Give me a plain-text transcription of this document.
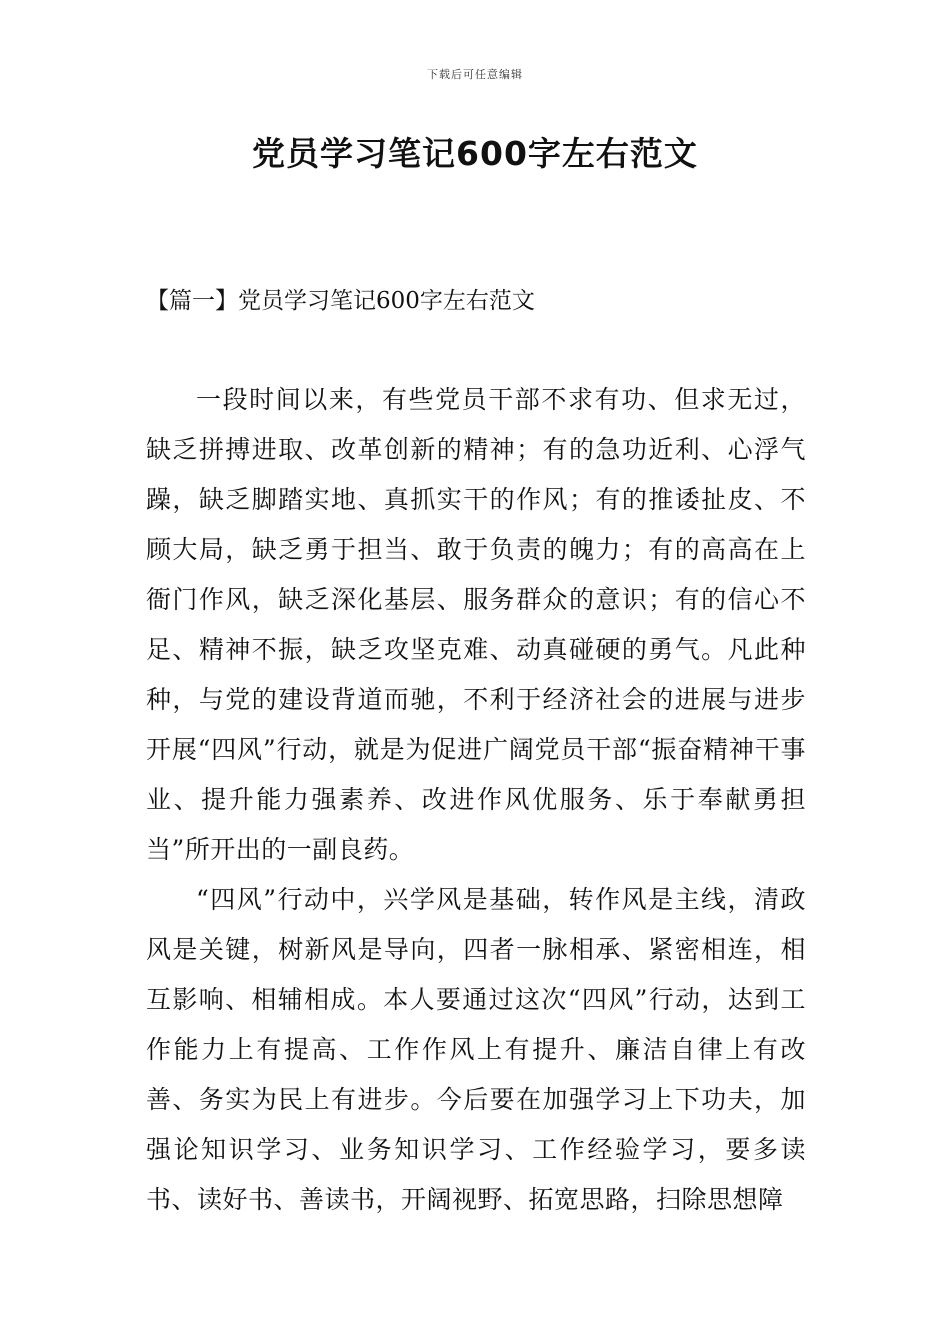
下载后可任意编辑
党员学习笔记600字左右范文
【篇一】党员学习笔记600字左右范文

一段时间以来，有些党员干部不求有功、但求无过，缺乏拼搏进取、改革创新的精神；有的急功近利、心浮气躁，缺乏脚踏实地、真抓实干的作风；有的推诿扯皮、不顾大局，缺乏勇于担当、敢于负责的魄力；有的高高在上衙门作风，缺乏深化基层、服务群众的意识；有的信心不足、精神不振，缺乏攻坚克难、动真碰硬的勇气。凡此种种，与党的建设背道而驰，不利于经济社会的进展与进步开展“四风”行动，就是为促进广阔党员干部“振奋精神干事业、提升能力强素养、改进作风优服务、乐于奉献勇担当”所开出的一副良药。

“四风”行动中，兴学风是基础，转作风是主线，清政风是关键，树新风是导向，四者一脉相承、紧密相连，相互影响、相辅相成。本人要通过这次“四风”行动，达到工作能力上有提高、工作作风上有提升、廉洁自律上有改善、务实为民上有进步。今后要在加强学习上下功夫，加强论知识学习、业务知识学习、工作经验学习，要多读书、读好书、善读书，开阔视野、拓宽思路，扫除思想障
